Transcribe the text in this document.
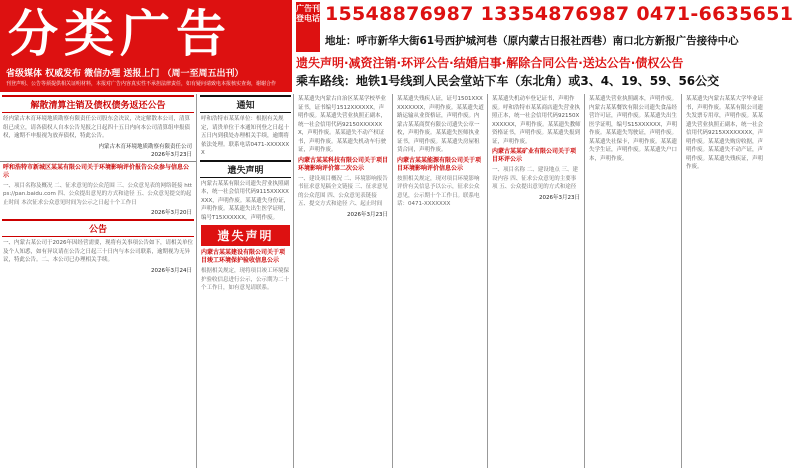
分类广告
省级媒体 权威发布 微信办理 送报上门 （周一至周五出刊）
刊登声明、公告等须提供相关证明材料，本报对广告内容真实性不承担法律责任，如有疑问请致电本报核实查询，谢谢合作
广告刊登电话 15548876987 13354876987 0471-6635651
地址：呼市新华大街61号西护城河巷（原内蒙古日报社西巷）南口北方新报广告接待中心
遗失声明·减资注销·环评公告·结婚启事·解除合同公告·送达公告·债权公告
乘车路线：地铁1号线到人民会堂站下车（东北角）或3、4、19、59、56公交
解散清算注销及债权债务返还公告
经内蒙古木育环境地质勘察有限责任公司股东会决议，决定解散本公司，清算组已成立，请各债权人自本公告见报之日起四十五日内向本公司清算组申报债权，逾期不申报视为放弃债权，特此公告。
内蒙古木育环境地质勘察有限责任公司
2026年3月23日
呼和浩特市新城区某某有限公司关于环境影响评价报告公众参与信息公示
一、项目名称及概况 二、征求意见的公众范围 三、公众意见表的网络链接 https://pan.baidu.com 四、公众提出意见的方式和途径 五、公众意见提交的起止时间 本次征求公众意见时间为公示之日起十个工作日
2026年3月20日
公告
一、内蒙古某公司于2026年因经营需要，现将有关事项公告如下，请相关单位及个人知悉，如有异议请在公告之日起三十日内与本公司联系，逾期视为无异议，特此公告。二、本公司已办理相关手续。
2026年3月24日
通知
呼和浩特市某某单位：根据有关规定，请贵单位于本通知刊登之日起十五日内到我处办理相关手续，逾期将依法处理。联系电话0471-XXXXXXX
遗失声明
内蒙古某某有限公司遗失营业执照副本，统一社会信用代码9115XXXXXXXX，声明作废。某某遗失身份证，声明作废。某某遗失出生医学证明，编号T15XXXXXX，声明作废。
遗失声明
内蒙古某某建设有限公司关于项目竣工环境保护验收信息公示
根据相关规定，现将项目竣工环境保护验收信息进行公示，公示期为二十个工作日，如有意见请联系。
某某遗失内蒙古自治区某某学校毕业证书，证书编号1512XXXXXX，声明作废。某某遗失营业执照正副本，统一社会信用代码92150XXXXXXX，声明作废。某某遗失不动产权证书，声明作废。某某遗失机动车行驶证，声明作废。
内蒙古某某科技有限公司关于项目环境影响评价第二次公示
一、建设项目概况 二、环境影响报告书征求意见稿全文链接 三、征求意见的公众范围 四、公众意见表链接 五、提交方式和途径 六、起止时间
2026年3月23日
某某遗失残疾人证，证号1501XXXXXXXXXX，声明作废。某某遗失道路运输从业资格证，声明作废。内蒙古某某商贸有限公司遗失公章一枚，声明作废。某某遗失医师执业证书，声明作废。某某遗失房屋租赁合同，声明作废。
内蒙古某某能源有限公司关于项目环境影响评价信息公示
按照相关规定，现对项目环境影响评价有关信息予以公示，征求公众意见，公示期十个工作日。联系电话：0471-XXXXXXX
某某遗失机动车登记证书，声明作废。呼和浩特市某某商店遗失营业执照正本，统一社会信用代码92150XXXXXXX，声明作废。某某遗失教师资格证书，声明作废。某某遗失报到证，声明作废。
内蒙古某某矿业有限公司关于项目环评公示
一、项目名称 二、建设地点 三、建设内容 四、征求公众意见的主要事项 五、公众提出意见的方式和途径
2026年3月23日
某某遗失营业执照副本，声明作废。内蒙古某某餐饮有限公司遗失食品经营许可证，声明作废。某某遗失出生医学证明，编号S15XXXXXX，声明作废。某某遗失驾驶证，声明作废。某某遗失社保卡，声明作废。某某遗失学生证，声明作废。某某遗失户口本，声明作废。
某某遗失内蒙古某某大学毕业证书，声明作废。某某有限公司遗失发票专用章，声明作废。某某遗失营业执照正副本，统一社会信用代码9215XXXXXXXX，声明作废。某某遗失购房收据，声明作废。某某遗失不动产证，声明作废。某某遗失残疾证，声明作废。
